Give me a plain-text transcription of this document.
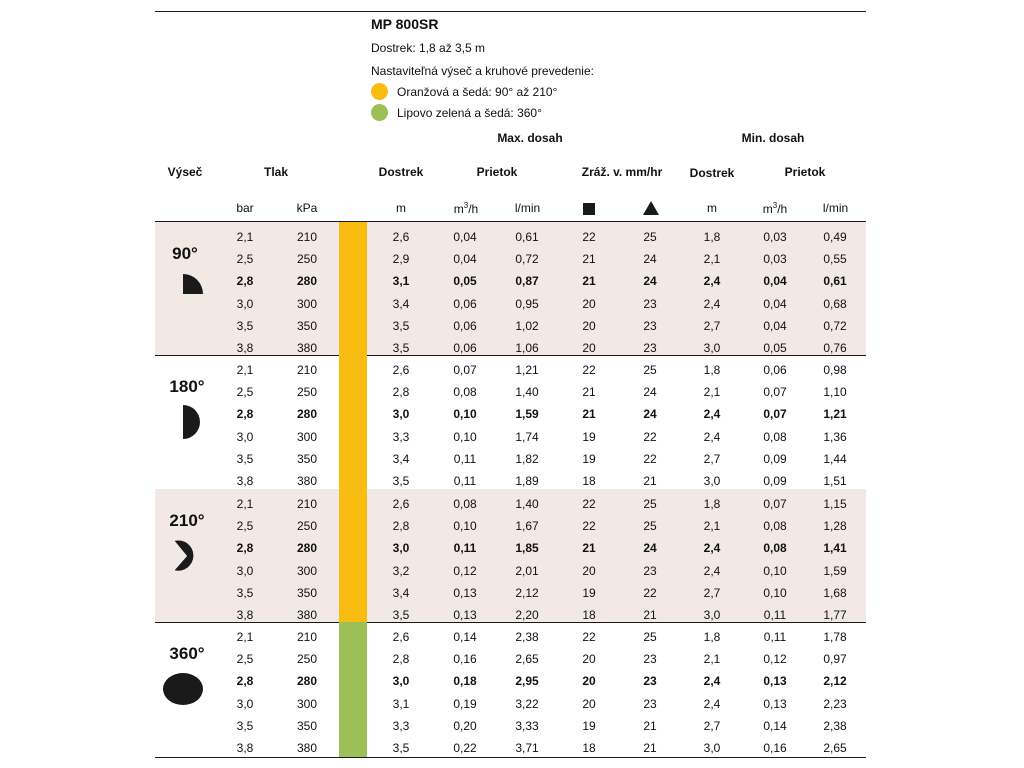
MP 800SR
Dostrek: 1,8 až 3,5 m
Nastaviteľná výseč a kruhové prevedenie:
Oranžová a šedá: 90° až 210°
Lipovo zelená a šedá: 360°
Max. dosah	Min. dosah
Výseč	Tlak	Dostrek	Prietok	Zráž. v. mm/hr	Dostrek	Prietok
bar	kPa	m	$m^3/h$	l/min	m	$m^3/h$	l/min
90°
2,1	210	2,6	0,04	0,61	22	25	1,8	0,03	0,49
2,5	250	2,9	0,04	0,72	21	24	2,1	0,03	0,55
2,8	280	3,1	0,05	0,87	21	24	2,4	0,04	0,61
3,0	300	3,4	0,06	0,95	20	23	2,4	0,04	0,68
3,5	350	3,5	0,06	1,02	20	23	2,7	0,04	0,72
3,8	380	3,5	0,06	1,06	20	23	3,0	0,05	0,76
180°
2,1	210	2,6	0,07	1,21	22	25	1,8	0,06	0,98
2,5	250	2,8	0,08	1,40	21	24	2,1	0,07	1,10
2,8	280	3,0	0,10	1,59	21	24	2,4	0,07	1,21
3,0	300	3,3	0,10	1,74	19	22	2,4	0,08	1,36
3,5	350	3,4	0,11	1,82	19	22	2,7	0,09	1,44
3,8	380	3,5	0,11	1,89	18	21	3,0	0,09	1,51
210°
2,1	210	2,6	0,08	1,40	22	25	1,8	0,07	1,15
2,5	250	2,8	0,10	1,67	22	25	2,1	0,08	1,28
2,8	280	3,0	0,11	1,85	21	24	2,4	0,08	1,41
3,0	300	3,2	0,12	2,01	20	23	2,4	0,10	1,59
3,5	350	3,4	0,13	2,12	19	22	2,7	0,10	1,68
3,8	380	3,5	0,13	2,20	18	21	3,0	0,11	1,77
360°
2,1	210	2,6	0,14	2,38	22	25	1,8	0,11	1,78
2,5	250	2,8	0,16	2,65	20	23	2,1	0,12	0,97
2,8	280	3,0	0,18	2,95	20	23	2,4	0,13	2,12
3,0	300	3,1	0,19	3,22	20	23	2,4	0,13	2,23
3,5	350	3,3	0,20	3,33	19	21	2,7	0,14	2,38
3,8	380	3,5	0,22	3,71	18	21	3,0	0,16	2,65
